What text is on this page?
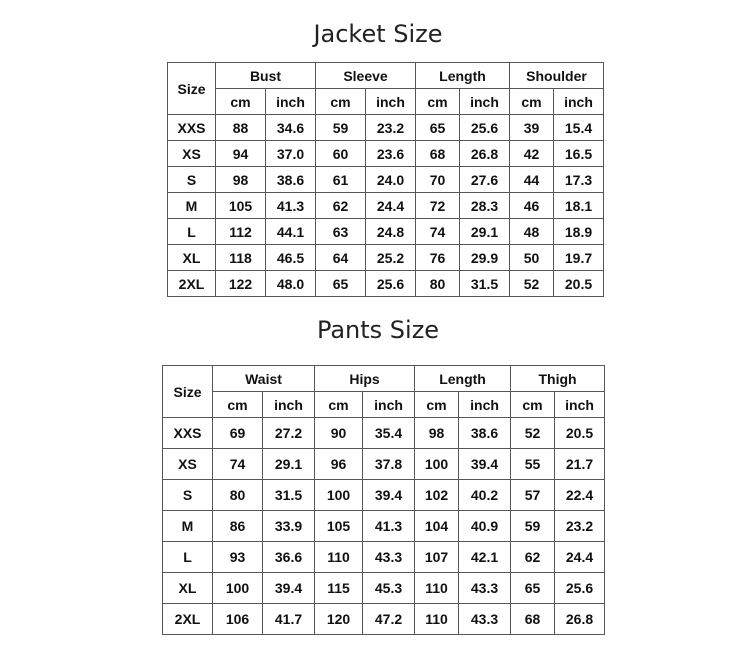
Jacket Size
Size	Bust		Sleeve		Length		Shoulder	
	cm	inch	cm	inch	cm	inch	cm	inch
XXS	88	34.6	59	23.2	65	25.6	39	15.4
XS	94	37.0	60	23.6	68	26.8	42	16.5
S	98	38.6	61	24.0	70	27.6	44	17.3
M	105	41.3	62	24.4	72	28.3	46	18.1
L	112	44.1	63	24.8	74	29.1	48	18.9
XL	118	46.5	64	25.2	76	29.9	50	19.7
2XL	122	48.0	65	25.6	80	31.5	52	20.5
Pants Size
Size	Waist		Hips		Length		Thigh	
	cm	inch	cm	inch	cm	inch	cm	inch
XXS	69	27.2	90	35.4	98	38.6	52	20.5
XS	74	29.1	96	37.8	100	39.4	55	21.7
S	80	31.5	100	39.4	102	40.2	57	22.4
M	86	33.9	105	41.3	104	40.9	59	23.2
L	93	36.6	110	43.3	107	42.1	62	24.4
XL	100	39.4	115	45.3	110	43.3	65	25.6
2XL	106	41.7	120	47.2	110	43.3	68	26.8
